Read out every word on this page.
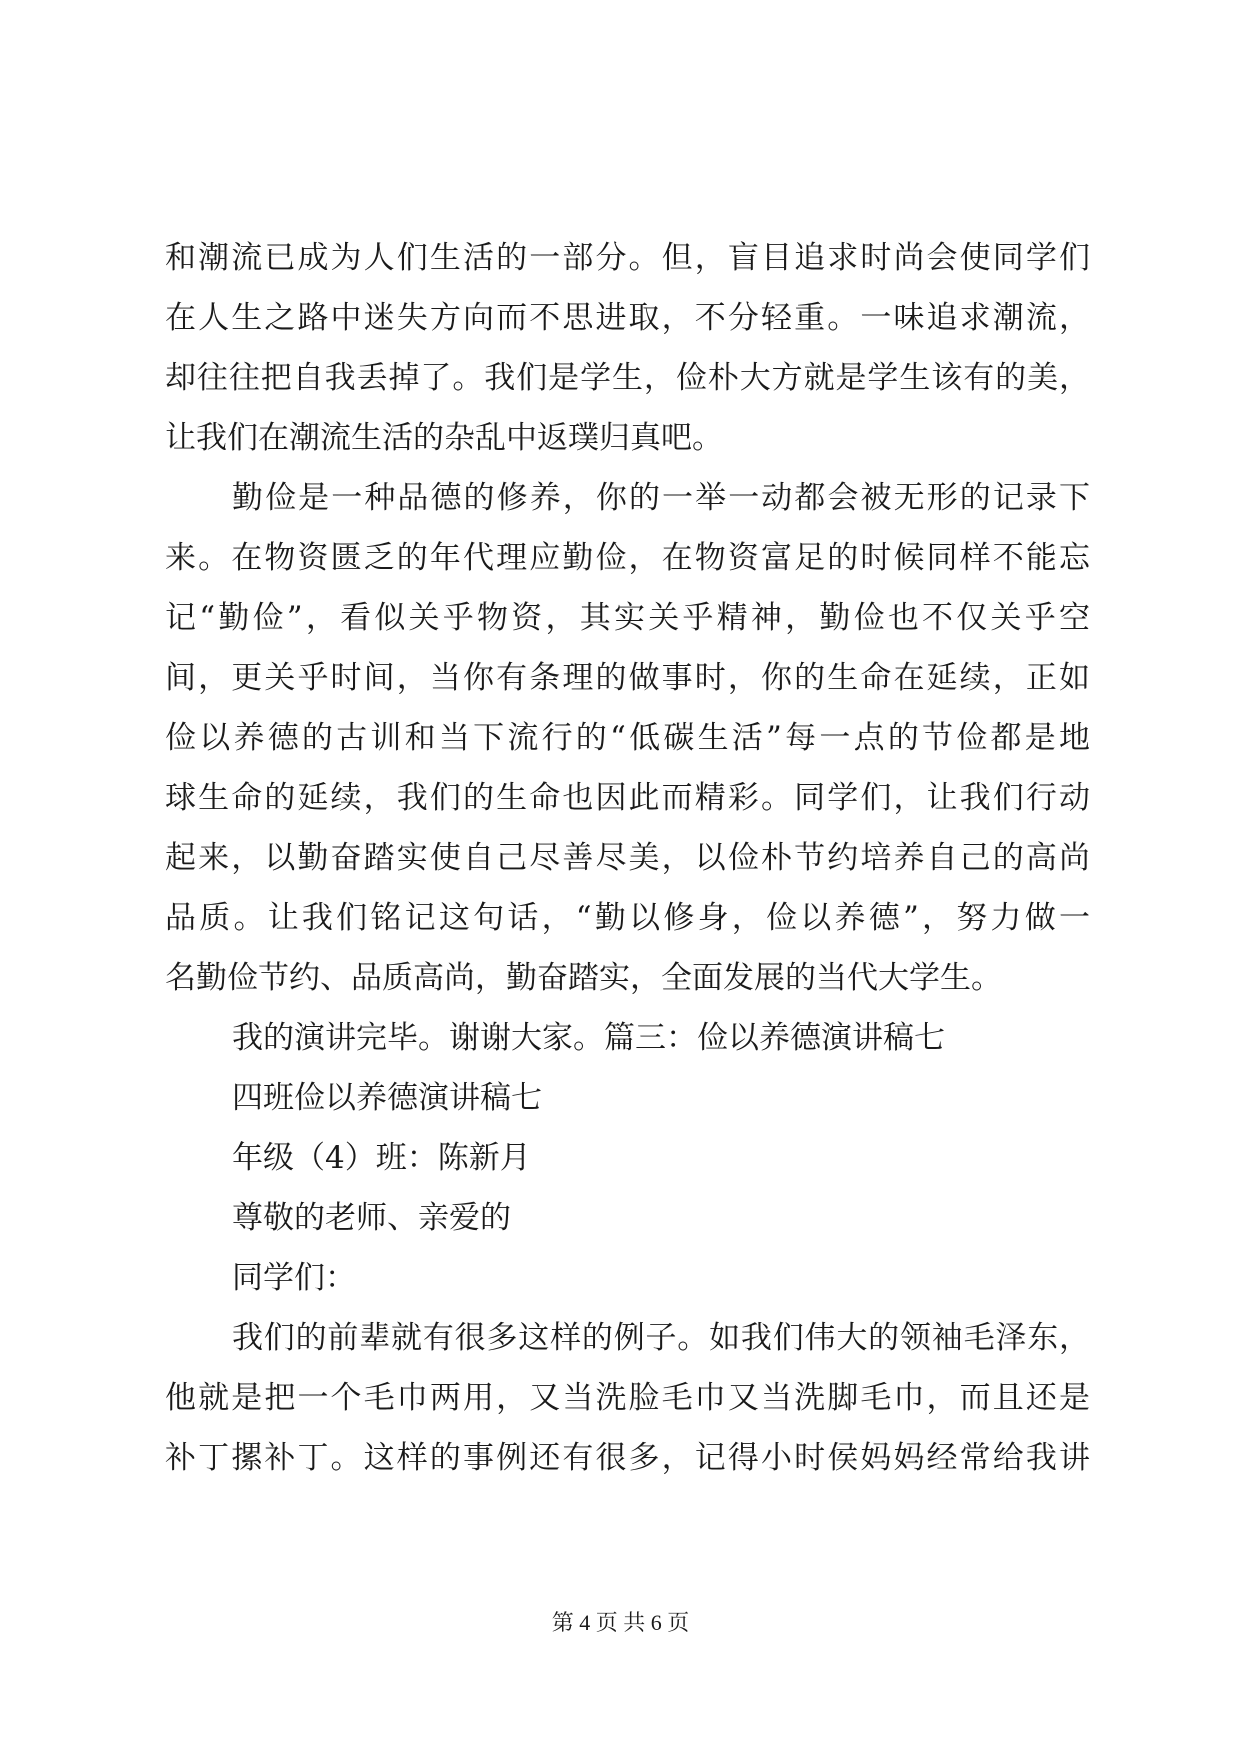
和潮流已成为人们生活的一部分。但，盲目追求时尚会使同学们
在人生之路中迷失方向而不思进取，不分轻重。一味追求潮流，
却往往把自我丢掉了。我们是学生，俭朴大方就是学生该有的美，
让我们在潮流生活的杂乱中返璞归真吧。
勤俭是一种品德的修养，你的一举一动都会被无形的记录下
来。在物资匮乏的年代理应勤俭，在物资富足的时候同样不能忘
记“勤俭”，看似关乎物资，其实关乎精神，勤俭也不仅关乎空
间，更关乎时间，当你有条理的做事时，你的生命在延续，正如
俭以养德的古训和当下流行的“低碳生活”每一点的节俭都是地
球生命的延续，我们的生命也因此而精彩。同学们，让我们行动
起来，以勤奋踏实使自己尽善尽美，以俭朴节约培养自己的高尚
品质。让我们铭记这句话，“勤以修身，俭以养德”，努力做一
名勤俭节约、品质高尚，勤奋踏实，全面发展的当代大学生。
我的演讲完毕。谢谢大家。篇三：俭以养德演讲稿七
四班俭以养德演讲稿七
年级（4）班：陈新月
尊敬的老师、亲爱的
同学们：
我们的前辈就有很多这样的例子。如我们伟大的领袖毛泽东，
他就是把一个毛巾两用，又当洗脸毛巾又当洗脚毛巾，而且还是
补丁摞补丁。这样的事例还有很多，记得小时侯妈妈经常给我讲
第 4 页 共 6 页
